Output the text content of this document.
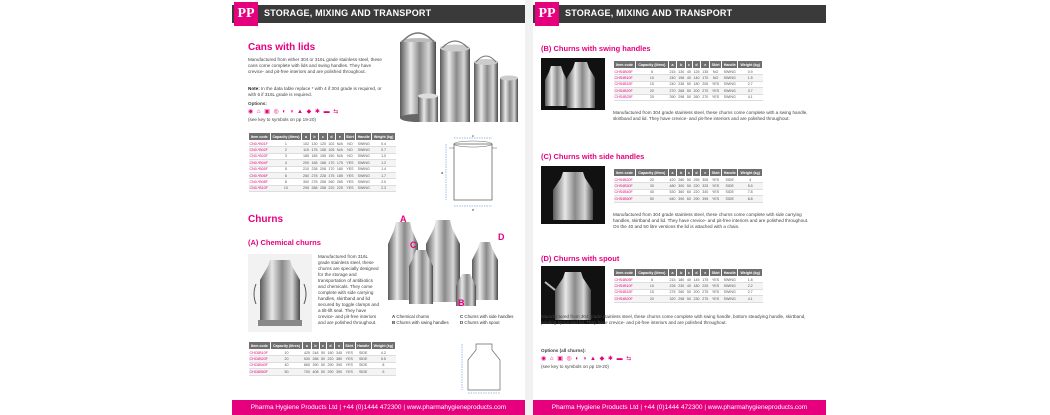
PP	STORAGE, MIXING AND TRANSPORT
Cans with lids
Manufactured from either 304 or 316L grade stainless steel, these cans come complete with lids and swing handles. They have crevice- and pit-free interiors and are polished throughout.
Note: In the data table replace * with 4 if 304 grade is required, or with 6 if 316L grade is required.
Options:
◉ ⌂ ▣ ◎ ◐ ◑ ▲ ◆ ✱ ▬ ⇆
(see key to symbols on pp 19-20)
Item code	Capacity (litres)	a	b	c	d	e	Skirt	Handle	Weight (kg)
CN0-*B01F	1	102	130	125	102	N/A	NO	SWING	0.4
CN0-*B02F	2	115	176	158	105	N/A	NO	SWING	0.7
CN0-*B03F	3	185	185	155	150	N/A	NO	SWING	1.0
CN0-*B04F	4	200	185	168	170	175	YES	SWING	1.2
CN0-*B05F	5	210	238	208	170	180	YES	SWING	1.4
CN0-*B06F	6	260	278	228	175	185	YES	SWING	1.7
CN0-*B08F	8	300	278	258	260	265	YES	SWING	2.0
CN0-*B10F	10	295	288	258	220	225	YES	SWING	2.3
c
a
e
Churns
(A) Chemical churns
Manufactured from 316L grade stainless steel, these churns are specially designed for the storage and transportation of antibiotics and chemicals. They come complete with side carrying handles, skirtband and lid secured by toggle clamps and a tilt-lift seal. They have crevice- and pit-free interiors and are polished throughout.
A
B
C
D
A Chemical churns
B Churns with swing handles
C Churns with side handles
D Churns with spout
Item code	Capacity (litres)	a	b	c	d	e	Skirt	Handle	Weight (kg)
CHC6B10F	10	425	248	50	180	345	YES	SIDE	4.2
CHC6B20F	20	530	288	50	220	380	YES	SIDE	5.5
CHC6B40F	40	665	390	50	290	390	YES	SIDE	8
CHC6B50F	50	700	408	50	290	390	YES	SIDE	9
Pharma Hygiene Products Ltd | +44 (0)1444 472300 | www.pharmahygieneproducts.com
PP	STORAGE, MIXING AND TRANSPORT
(B) Churns with swing handles
Item code	Capacity (litres)	a	b	c	d	e	Skirt	Handle	Weight (kg)
CHS4B05F	5	215	130	40	125	135	NO	SWING	0.9
CHS4B10F	10	240	196	40	140	170	NO	SWING	1.5
CHS4B15F	15	240	238	50	180	205	YES	SWING	2.7
CHS4B20F	20	270	268	50	200	270	YES	SWING	3.7
CHS4B25F	25	390	298	50	260	270	YES	SWING	4.1
Manufactured from 304 grade stainless steel, these churns come complete with a swing handle, skirtband and lid. They have crevice- and pit-free interiors and are polished throughout.
(C) Churns with side handles
Item code	Capacity (litres)	a	b	c	d	e	Skirt	Handle	Weight (kg)
CHS4B20F	20	420	280	50	255	305	YES	SIDE	4
CHS4B30F	30	480	300	50	220	325	YES	SIDE	5.5
CHS4B40F	40	530	360	60	220	340	YES	SIDE	7.8
CHS4B50F	50	640	390	60	290	395	YES	SIDE	8.8
Manufactured from 304 grade stainless steel, these churns come complete with side carrying handles, skirtband and lid. They have crevice- and pit-free interiors and are polished throughout. On the 40 and 50 litre versions the lid is attached with a chain.
(D) Churns with spout
Item code	Capacity (litres)	a	b	c	d	e	Skirt	Handle	Weight (kg)
CHS4B05F	5	215	180	40	145	175	YES	SWING	1.8
CHS4B10F	10	226	230	40	180	225	YES	SWING	2.2
CHS4B15F	15	275	260	50	200	275	YES	SWING	2.7
CHS4B20F	20	320	298	50	230	275	YES	SWING	4.1
Manufactured from 304 grade stainless steel, these churns come complete with swing handle, bottom steadying handle, skirtband, pouring spout and lid. They have crevice- and pit-free interiors and are polished throughout.
Options (all churns):
◉ ⌂ ▣ ◎ ◐ ◑ ▲ ◆ ✱ ▬ ⇆
(see key to symbols on pp 19-20)
Pharma Hygiene Products Ltd | +44 (0)1444 472300 | www.pharmahygieneproducts.com
